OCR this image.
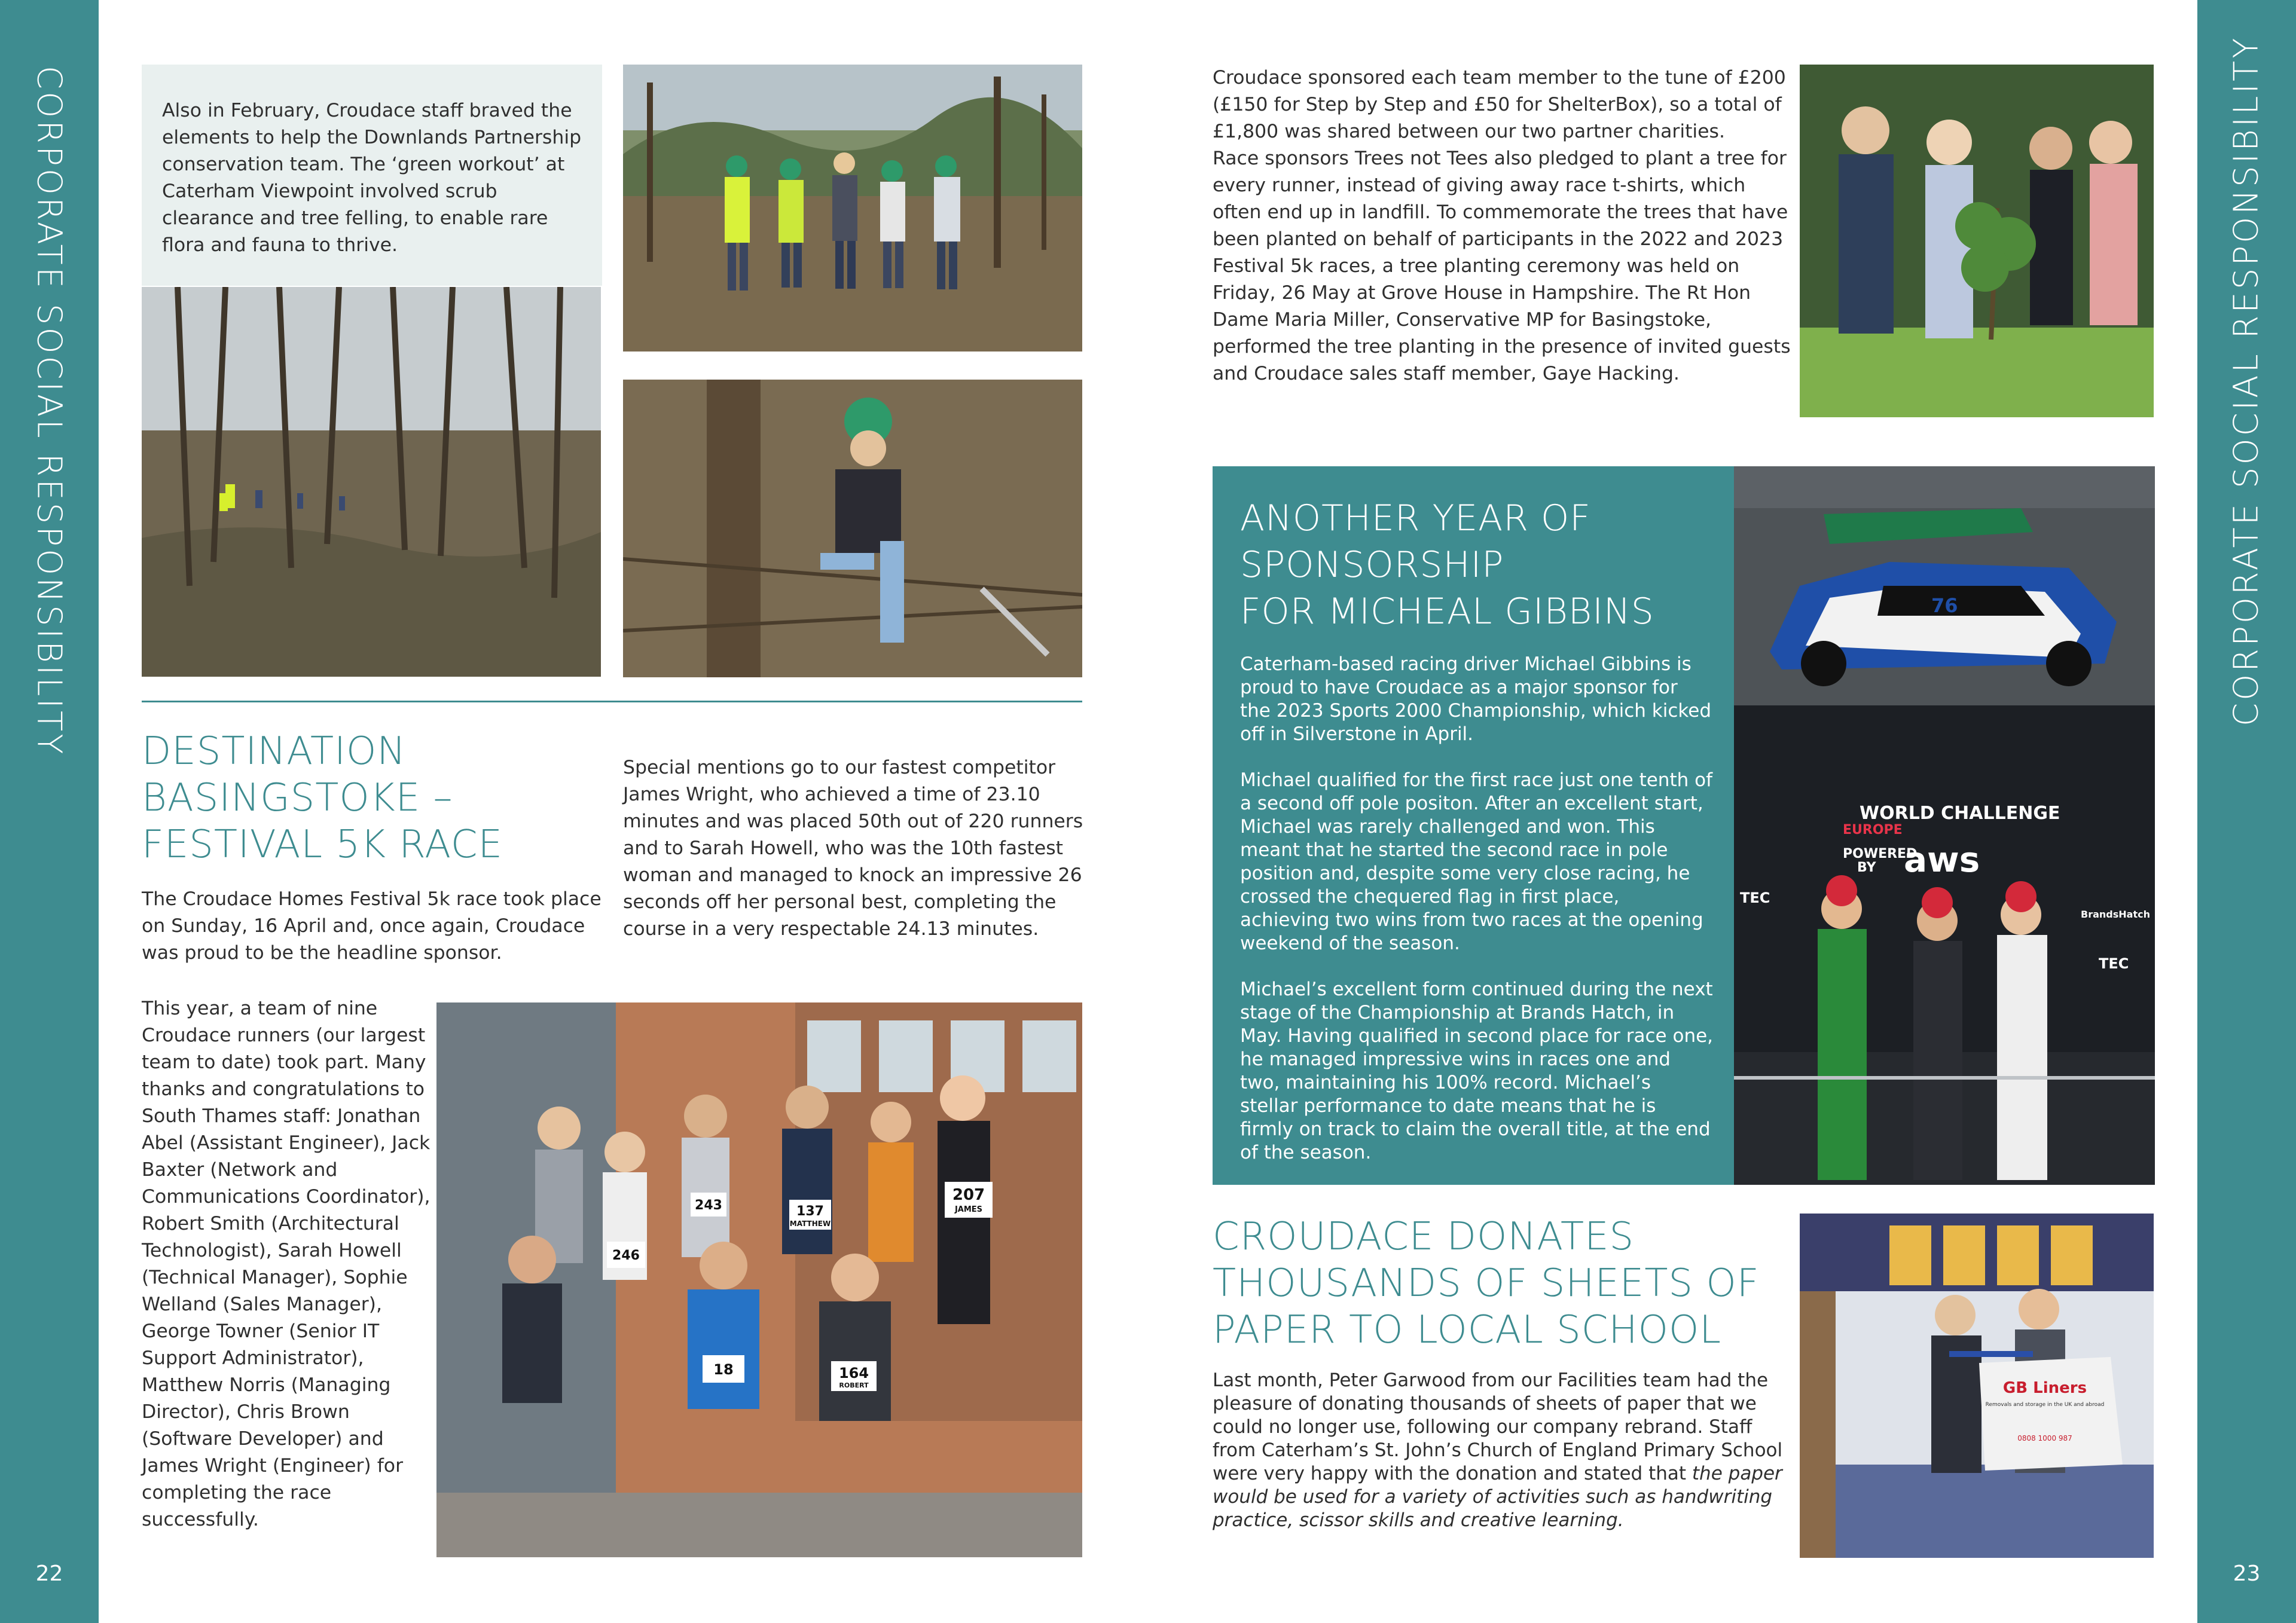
CORPORATE SOCIAL RESPONSIBILITY
22
CORPORATE SOCIAL RESPONSIBILITY
23

Also in February, Croudace staff braved the elements to help the Downlands Partnership conservation team. The ‘green workout’ at Caterham Viewpoint involved scrub clearance and tree felling, to enable rare flora and fauna to thrive.

DESTINATION
BASINGSTOKE –
FESTIVAL 5K RACE

The Croudace Homes Festival 5k race took place on Sunday, 16 April and, once again, Croudace was proud to be the headline sponsor.

Special mentions go to our fastest competitor James Wright, who achieved a time of 23.10 minutes and was placed 50th out of 220 runners and to Sarah Howell, who was the 10th fastest woman and managed to knock an impressive 26 seconds off her personal best, completing the course in a very respectable 24.13 minutes.

This year, a team of nine Croudace runners (our largest team to date) took part. Many thanks and congratulations to South Thames staff: Jonathan Abel (Assistant Engineer), Jack Baxter (Network and Communications Coordinator), Robert Smith (Architectural Technologist), Sarah Howell (Technical Manager), Sophie Welland (Sales Manager), George Towner (Senior IT Support Administrator), Matthew Norris (Managing Director), Chris Brown (Software Developer) and James Wright (Engineer) for completing the race successfully.

243	137
MATTHEW
207
JAMES
246
18	164
ROBERT

Croudace sponsored each team member to the tune of £200 (£150 for Step by Step and £50 for ShelterBox), so a total of £1,800 was shared between our two partner charities.

Race sponsors Trees not Tees also pledged to plant a tree for every runner, instead of giving away race t-shirts, which often end up in landfill. To commemorate the trees that have been planted on behalf of participants in the 2022 and 2023 Festival 5k races, a tree planting ceremony was held on Friday, 26 May at Grove House in Hampshire. The Rt Hon Dame Maria Miller, Conservative MP for Basingstoke, performed the tree planting in the presence of invited guests and Croudace sales staff member, Gaye Hacking.

ANOTHER YEAR OF
SPONSORSHIP
FOR MICHEAL GIBBINS

Caterham-based racing driver Michael Gibbins is proud to have Croudace as a major sponsor for the 2023 Sports 2000 Championship, which kicked off in Silverstone in April.

Michael qualified for the first race just one tenth of a second off pole positon. After an excellent start, Michael was rarely challenged and won. This meant that he started the second race in pole position and, despite some very close racing, he crossed the chequered flag in first place, achieving two wins from two races at the opening weekend of the season.

Michael’s excellent form continued during the next stage of the Championship at Brands Hatch, in May. Having qualified in second place for race one, he managed impressive wins in races one and two, maintaining his 100% record. Michael’s stellar performance to date means that he is firmly on track to claim the overall title, at the end of the season.

76
WORLD CHALLENGE
EUROPE
POWERED
BY aws
TEC
TEC
BrandsHatch
CROUDACE DONATES
THOUSANDS OF SHEETS OF
PAPER TO LOCAL SCHOOL

Last month, Peter Garwood from our Facilities team had the pleasure of donating thousands of sheets of paper that we could no longer use, following our company rebrand. Staff from Caterham’s St. John’s Church of England Primary School were very happy with the donation and stated that the paper would be used for a variety of activities such as handwriting practice, scissor skills and creative learning.

GB Liners
Removals and storage in the UK and abroad
0808 1000 987
